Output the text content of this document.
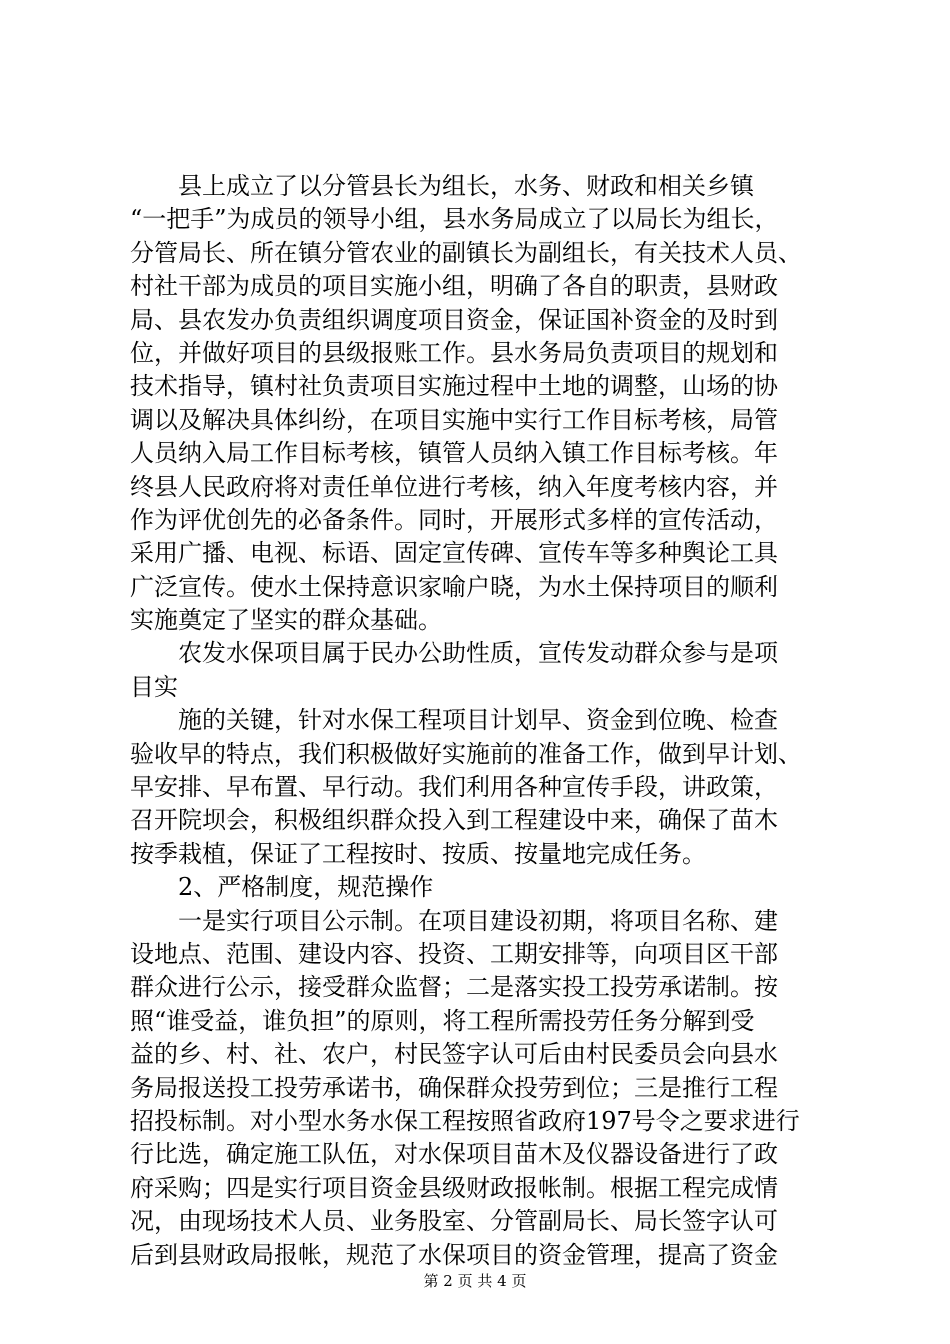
县上成立了以分管县长为组长，水务、财政和相关乡镇
“一把手”为成员的领导小组，县水务局成立了以局长为组长，
分管局长、所在镇分管农业的副镇长为副组长，有关技术人员、
村社干部为成员的项目实施小组，明确了各自的职责，县财政
局、县农发办负责组织调度项目资金，保证国补资金的及时到
位，并做好项目的县级报账工作。县水务局负责项目的规划和
技术指导，镇村社负责项目实施过程中土地的调整，山场的协
调以及解决具体纠纷，在项目实施中实行工作目标考核，局管
人员纳入局工作目标考核，镇管人员纳入镇工作目标考核。年
终县人民政府将对责任单位进行考核，纳入年度考核内容，并
作为评优创先的必备条件。同时，开展形式多样的宣传活动，
采用广播、电视、标语、固定宣传碑、宣传车等多种舆论工具
广泛宣传。使水土保持意识家喻户晓，为水土保持项目的顺利
实施奠定了坚实的群众基础。
农发水保项目属于民办公助性质，宣传发动群众参与是项
目实
施的关键，针对水保工程项目计划早、资金到位晚、检查
验收早的特点，我们积极做好实施前的准备工作，做到早计划、
早安排、早布置、早行动。我们利用各种宣传手段，讲政策，
召开院坝会，积极组织群众投入到工程建设中来，确保了苗木
按季栽植，保证了工程按时、按质、按量地完成任务。
2、严格制度，规范操作
一是实行项目公示制。在项目建设初期，将项目名称、建
设地点、范围、建设内容、投资、工期安排等，向项目区干部
群众进行公示，接受群众监督；二是落实投工投劳承诺制。按
照“谁受益，谁负担”的原则，将工程所需投劳任务分解到受
益的乡、村、社、农户，村民签字认可后由村民委员会向县水
务局报送投工投劳承诺书，确保群众投劳到位；三是推行工程
招投标制。对小型水务水保工程按照省政府197号令之要求进行
行比选，确定施工队伍，对水保项目苗木及仪器设备进行了政
府采购；四是实行项目资金县级财政报帐制。根据工程完成情
况，由现场技术人员、业务股室、分管副局长、局长签字认可
后到县财政局报帐，规范了水保项目的资金管理，提高了资金
第 2 页 共 4 页
